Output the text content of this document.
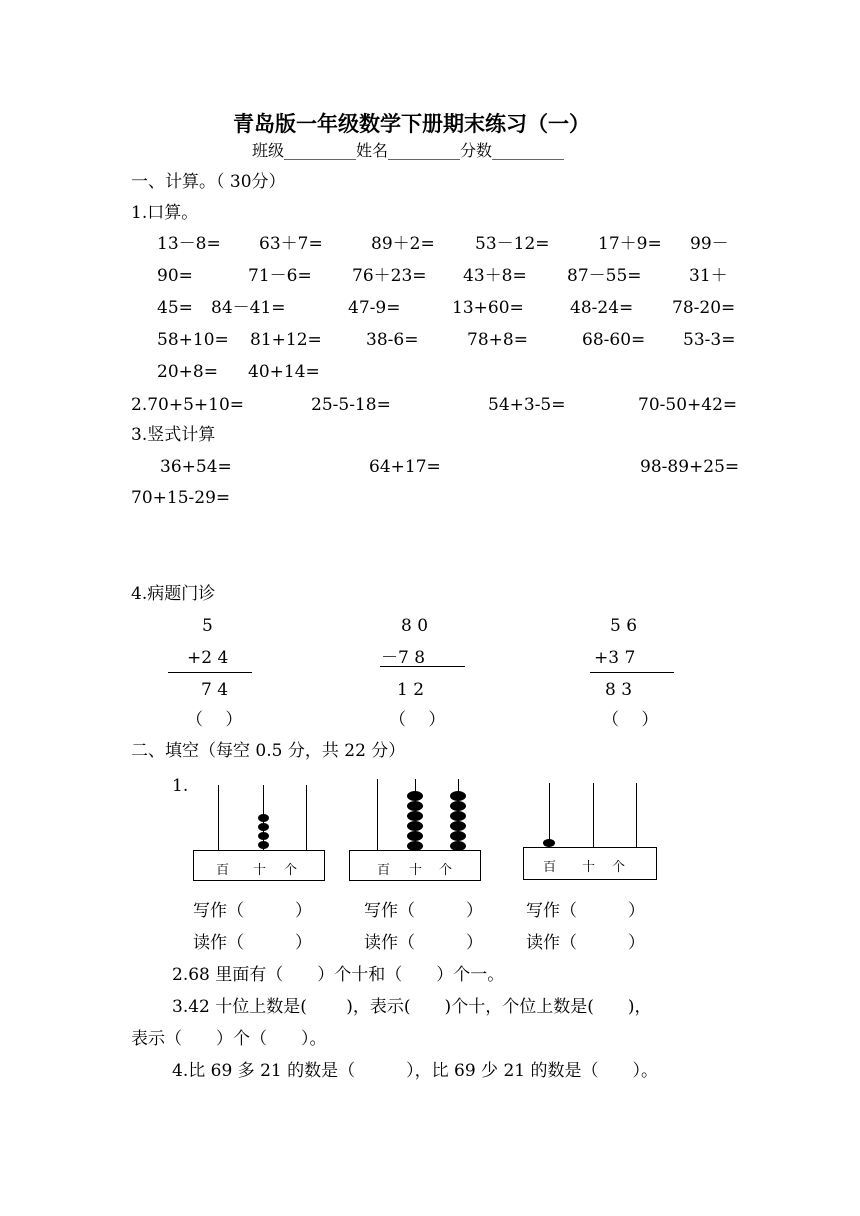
青岛版一年级数学下册期末练习（一）
班级_________姓名_________分数_________
一、计算。（ 30分）
1.口算。
13－8= 63＋7=	89＋2= 53－12=	17＋9= 99－
90=	71－6= 76＋23= 43＋8= 87－55=	31＋
45= 84－41=	47-9=	13+60=	48-24= 78-20=
58+10= 81+12=	38-6=	78+8=	68-60= 53-3=
20+8= 40+14=
2.70+5+10=	25-5-18=	54+3-5=	70-50+42=
3.竖式计算
36+54=	64+17=	98-89+25=
70+15-29=
4.病题门诊
5
+2 4
7 4
（　 ）
8 0
－7 8
1 2
（　 ）
5 6
+3 7
8 3
（　 ）
二、填空（每空 0.5 分，共 22 分）
1.
百 十 个	百 十 个	百 十 个
写作（　　　）	写作（　　　）	写作（　　　）
读作（　　　）	读作（　　　）	读作（　　　）
2.68 里面有（　　）个十和（　　）个一。
3.42 十位上数是(　　 )，表示(　　)个十，个位上数是(　　)，
表示（　　）个（　　）。
4.比 69 多 21 的数是（　　　），比 69 少 21 的数是（　　）。
